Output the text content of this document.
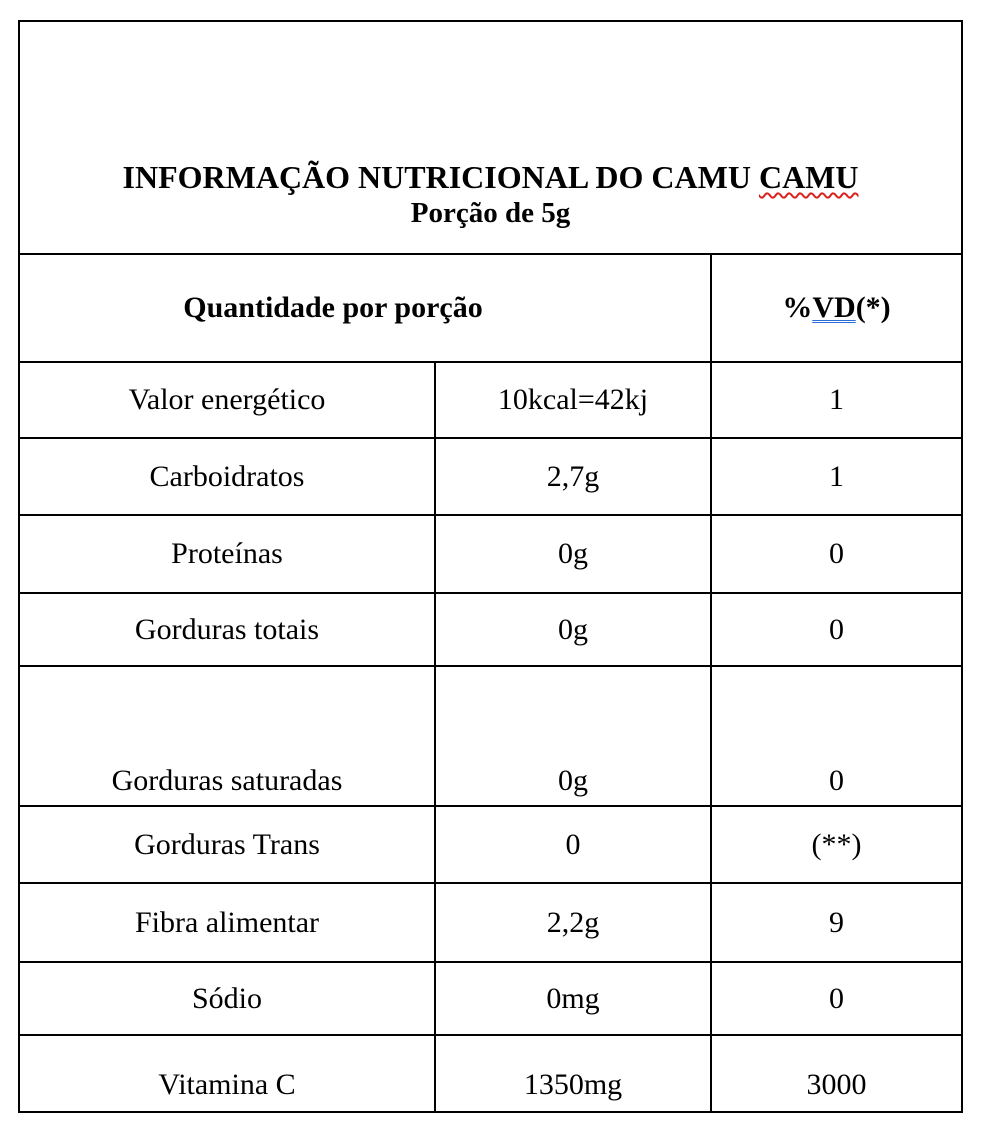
INFORMAÇÃO NUTRICIONAL DO CAMU CAMU
Porção de 5g		

Quantidade por porção		%VD(*)
Valor energético	10kcal=42kj	1
Carboidratos	2,7g	1
Proteínas	0g	0
Gorduras totais	0g	0
Gorduras saturadas	0g	0
Gorduras Trans	0	(**)
Fibra alimentar	2,2g	9
Sódio	0mg	0
Vitamina C	1350mg	3000
